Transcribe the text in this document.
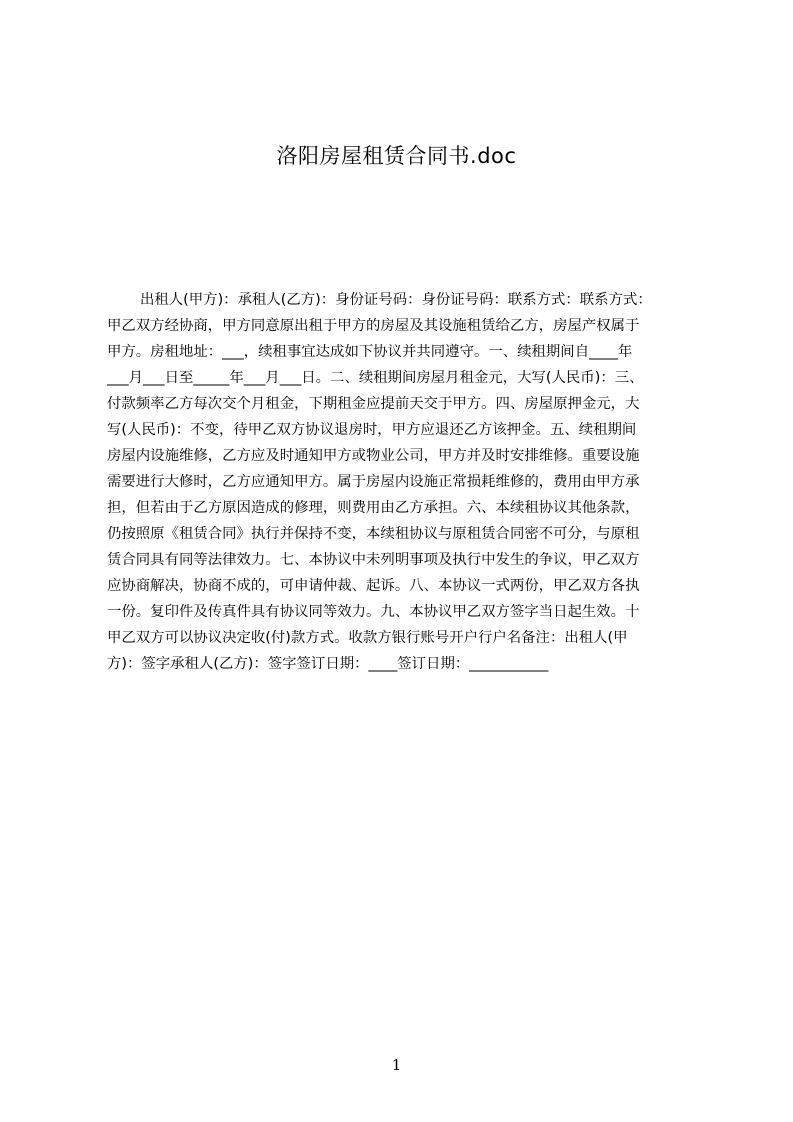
洛阳房屋租赁合同书.doc
出租人(甲方)：承租人(乙方)：身份证号码：身份证号码：联系方式：联系方式：
甲乙双方经协商，甲方同意原出租于甲方的房屋及其设施租赁给乙方，房屋产权属于
甲方。房租地址：___，续租事宜达成如下协议并共同遵守。一、续租期间自____年
___月___日至_____年___月___日。二、续租期间房屋月租金元，大写(人民币)：三、
付款频率乙方每次交个月租金，下期租金应提前天交于甲方。四、房屋原押金元，大
写(人民币)：不变，待甲乙双方协议退房时，甲方应退还乙方该押金。五、续租期间
房屋内设施维修，乙方应及时通知甲方或物业公司，甲方并及时安排维修。重要设施
需要进行大修时，乙方应通知甲方。属于房屋内设施正常损耗维修的，费用由甲方承
担，但若由于乙方原因造成的修理，则费用由乙方承担。六、本续租协议其他条款，
仍按照原《租赁合同》执行并保持不变，本续租协议与原租赁合同密不可分，与原租
赁合同具有同等法律效力。七、本协议中未列明事项及执行中发生的争议，甲乙双方
应协商解决，协商不成的，可申请仲裁、起诉。八、本协议一式两份，甲乙双方各执
一份。复印件及传真件具有协议同等效力。九、本协议甲乙双方签字当日起生效。十
甲乙双方可以协议决定收(付)款方式。收款方银行账号开户行户名备注：出租人(甲
方)：签字承租人(乙方)：签字签订日期：____签订日期：___________
1
